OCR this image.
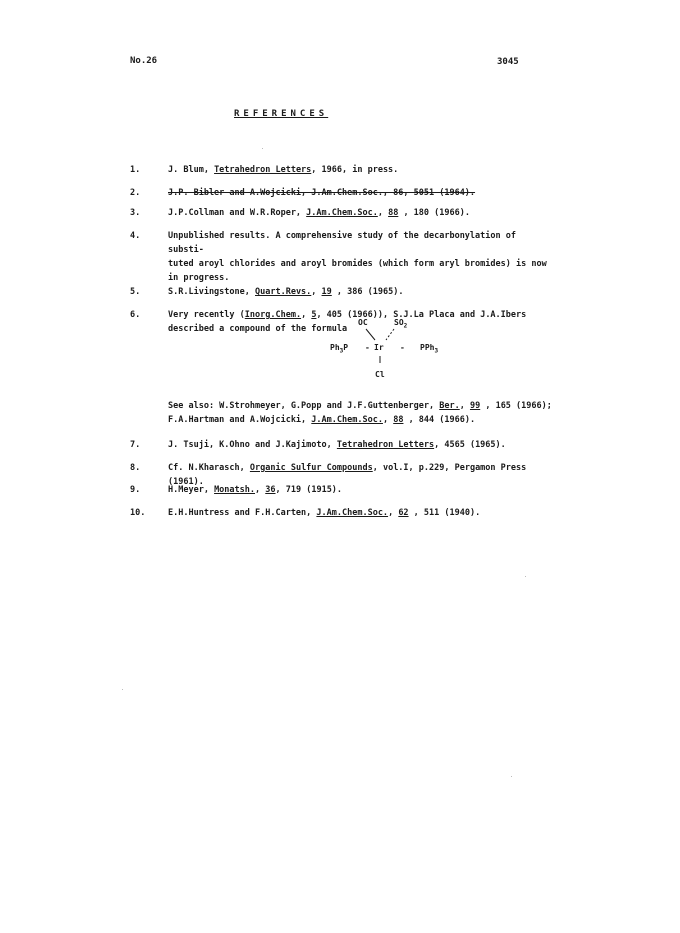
No.26	3045
REFERENCES
1.	J. Blum, Tetrahedron Letters, 1966, in press.
2.	J.P. Bibler and A.Wojcicki, J.Am.Chem.Soc., 86, 5051 (1964).
3.	J.P.Collman and W.R.Roper, J.Am.Chem.Soc., 88 , 180 (1966).
4.	Unpublished results. A comprehensive study of the decarbonylation of substi-
tuted aroyl chlorides and aroyl bromides (which form aryl bromides) is now
in progress.
5.	S.R.Livingstone, Quart.Revs., 19 , 386 (1965).
6.	Very recently (Inorg.Chem., 5, 405 (1966)), S.J.La Placa and J.A.Ibers
described a compound of the formula
See also: W.Strohmeyer, G.Popp and J.F.Guttenberger, Ber., 99 , 165 (1966);
F.A.Hartman and A.Wojcicki, J.Am.Chem.Soc., 88 , 844 (1966).
7.	J. Tsuji, K.Ohno and J.Kajimoto, Tetrahedron Letters, 4565 (1965).
8.	Cf. N.Kharasch, Organic Sulfur Compounds, vol.I, p.229, Pergamon Press (1961).
9.	H.Meyer, Monatsh., 36, 719 (1915).
10.	E.H.Huntress and F.H.Carten, J.Am.Chem.Soc., 62 , 511 (1940).
OC	$SO_2$
$Ph_3P$ - Ir - PPh$_3$
Cl
